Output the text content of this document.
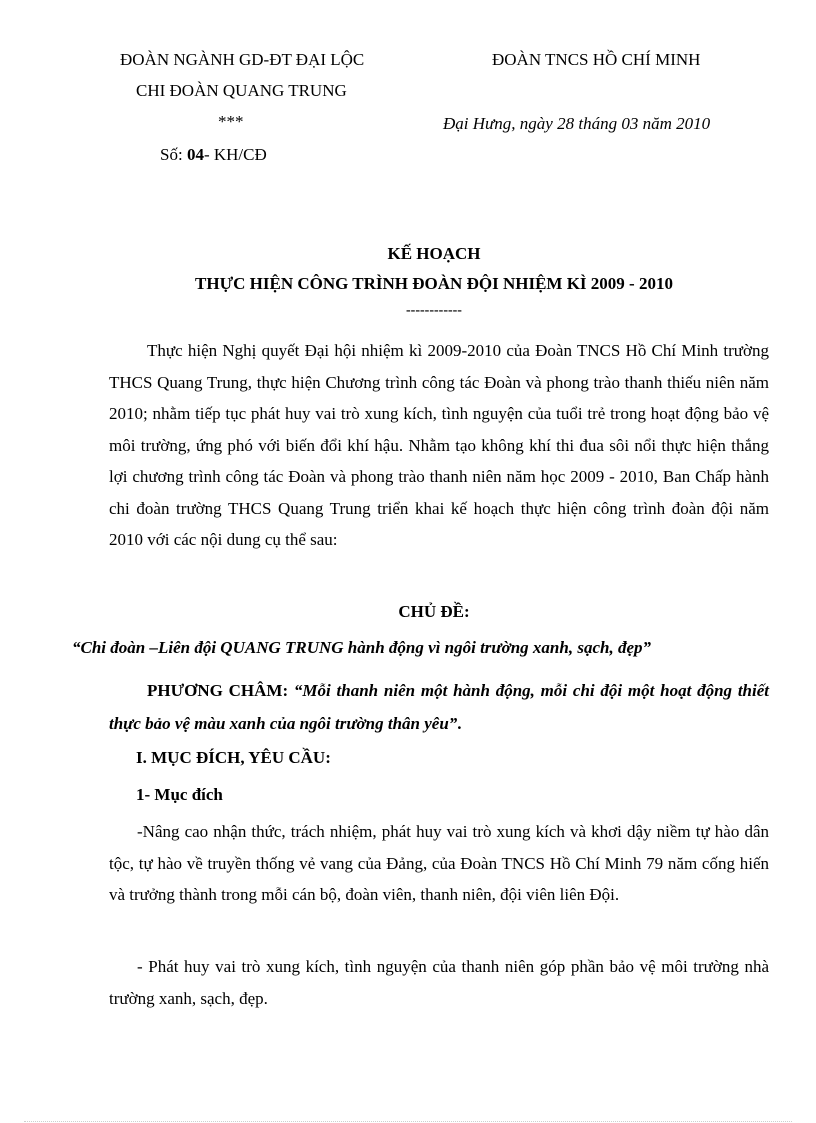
ĐOÀN NGÀNH GD-ĐT ĐẠI LỘC
CHI ĐOÀN QUANG TRUNG
***
Số: 04- KH/CĐ
ĐOÀN TNCS HỒ CHÍ MINH
Đại Hưng, ngày 28 tháng 03 năm 2010
KẾ HOẠCH
THỰC HIỆN CÔNG TRÌNH ĐOÀN ĐỘI NHIỆM KÌ 2009 - 2010
------------
Thực hiện Nghị quyết Đại hội nhiệm kì 2009-2010 của Đoàn TNCS Hồ Chí Minh trường THCS Quang Trung, thực hiện Chương trình công tác Đoàn và phong trào thanh thiếu niên năm 2010; nhằm tiếp tục phát huy vai trò xung kích, tình nguyện của tuổi trẻ trong hoạt động bảo vệ môi trường, ứng phó với biến đổi khí hậu. Nhằm tạo không khí thi đua sôi nổi thực hiện thắng lợi chương trình công tác Đoàn và phong trào thanh niên năm học 2009 - 2010, Ban Chấp hành chi đoàn trường THCS Quang Trung triển khai kế hoạch thực hiện công trình đoàn đội năm 2010 với các nội dung cụ thể sau:
CHỦ ĐỀ:
“Chi đoàn –Liên đội QUANG TRUNG hành động vì ngôi trường xanh, sạch, đẹp”
PHƯƠNG CHÂM: “Mỗi thanh niên một hành động, mỗi chi đội một hoạt động thiết thực bảo vệ màu xanh của ngôi trường thân yêu”.
I. MỤC ĐÍCH, YÊU CẦU:
1- Mục đích
-Nâng cao nhận thức, trách nhiệm, phát huy vai trò xung kích và khơi dậy niềm tự hào dân tộc, tự hào về truyền thống vẻ vang của Đảng, của Đoàn TNCS Hồ Chí Minh 79 năm cống hiến và trưởng thành trong mỗi cán bộ, đoàn viên, thanh niên, đội viên liên Đội.
- Phát huy vai trò xung kích, tình nguyện của thanh niên góp phần bảo vệ môi trường nhà trường xanh, sạch, đẹp.
